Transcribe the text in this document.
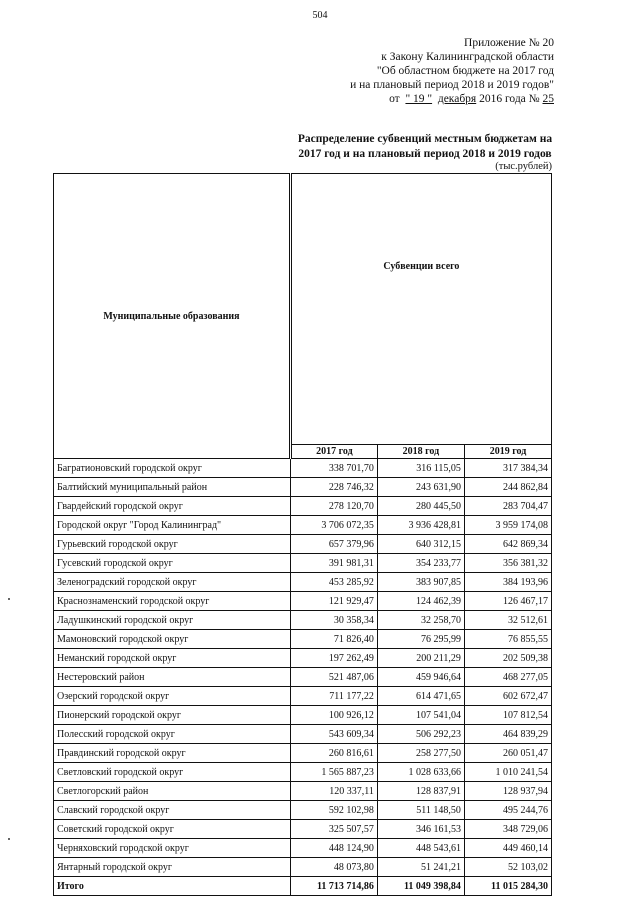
504
Приложение № 20
к Закону Калининградской области
"Об областном бюджете на 2017 год
и на плановый период 2018 и 2019 годов"
от " 19 " декабря 2016 года № 25
Распределение субвенций местным бюджетам на
2017 год и на плановый период 2018 и 2019 годов
(тыс.рублей)
Муниципальные образования	Субвенции всего		
	2017 год	2018 год	2019 год
Багратионовский городской округ	338 701,70	316 115,05	317 384,34
Балтийский муниципальный район	228 746,32	243 631,90	244 862,84
Гвардейский городской округ	278 120,70	280 445,50	283 704,47
Городской округ "Город Калининград"	3 706 072,35	3 936 428,81	3 959 174,08
Гурьевский городской округ	657 379,96	640 312,15	642 869,34
Гусевский городской округ	391 981,31	354 233,77	356 381,32
Зеленоградский городской округ	453 285,92	383 907,85	384 193,96
Краснознаменский городской округ	121 929,47	124 462,39	126 467,17
Ладушкинский городской округ	30 358,34	32 258,70	32 512,61
Мамоновский городской округ	71 826,40	76 295,99	76 855,55
Неманский городской округ	197 262,49	200 211,29	202 509,38
Нестеровский район	521 487,06	459 946,64	468 277,05
Озерский городской округ	711 177,22	614 471,65	602 672,47
Пионерский городской округ	100 926,12	107 541,04	107 812,54
Полесский городской округ	543 609,34	506 292,23	464 839,29
Правдинский городской округ	260 816,61	258 277,50	260 051,47
Светловский городской округ	1 565 887,23	1 028 633,66	1 010 241,54
Светлогорский район	120 337,11	128 837,91	128 937,94
Славский городской округ	592 102,98	511 148,50	495 244,76
Советский городской округ	325 507,57	346 161,53	348 729,06
Черняховский городской округ	448 124,90	448 543,61	449 460,14
Янтарный городской округ	48 073,80	51 241,21	52 103,02
Итого	11 713 714,86	11 049 398,84	11 015 284,30
